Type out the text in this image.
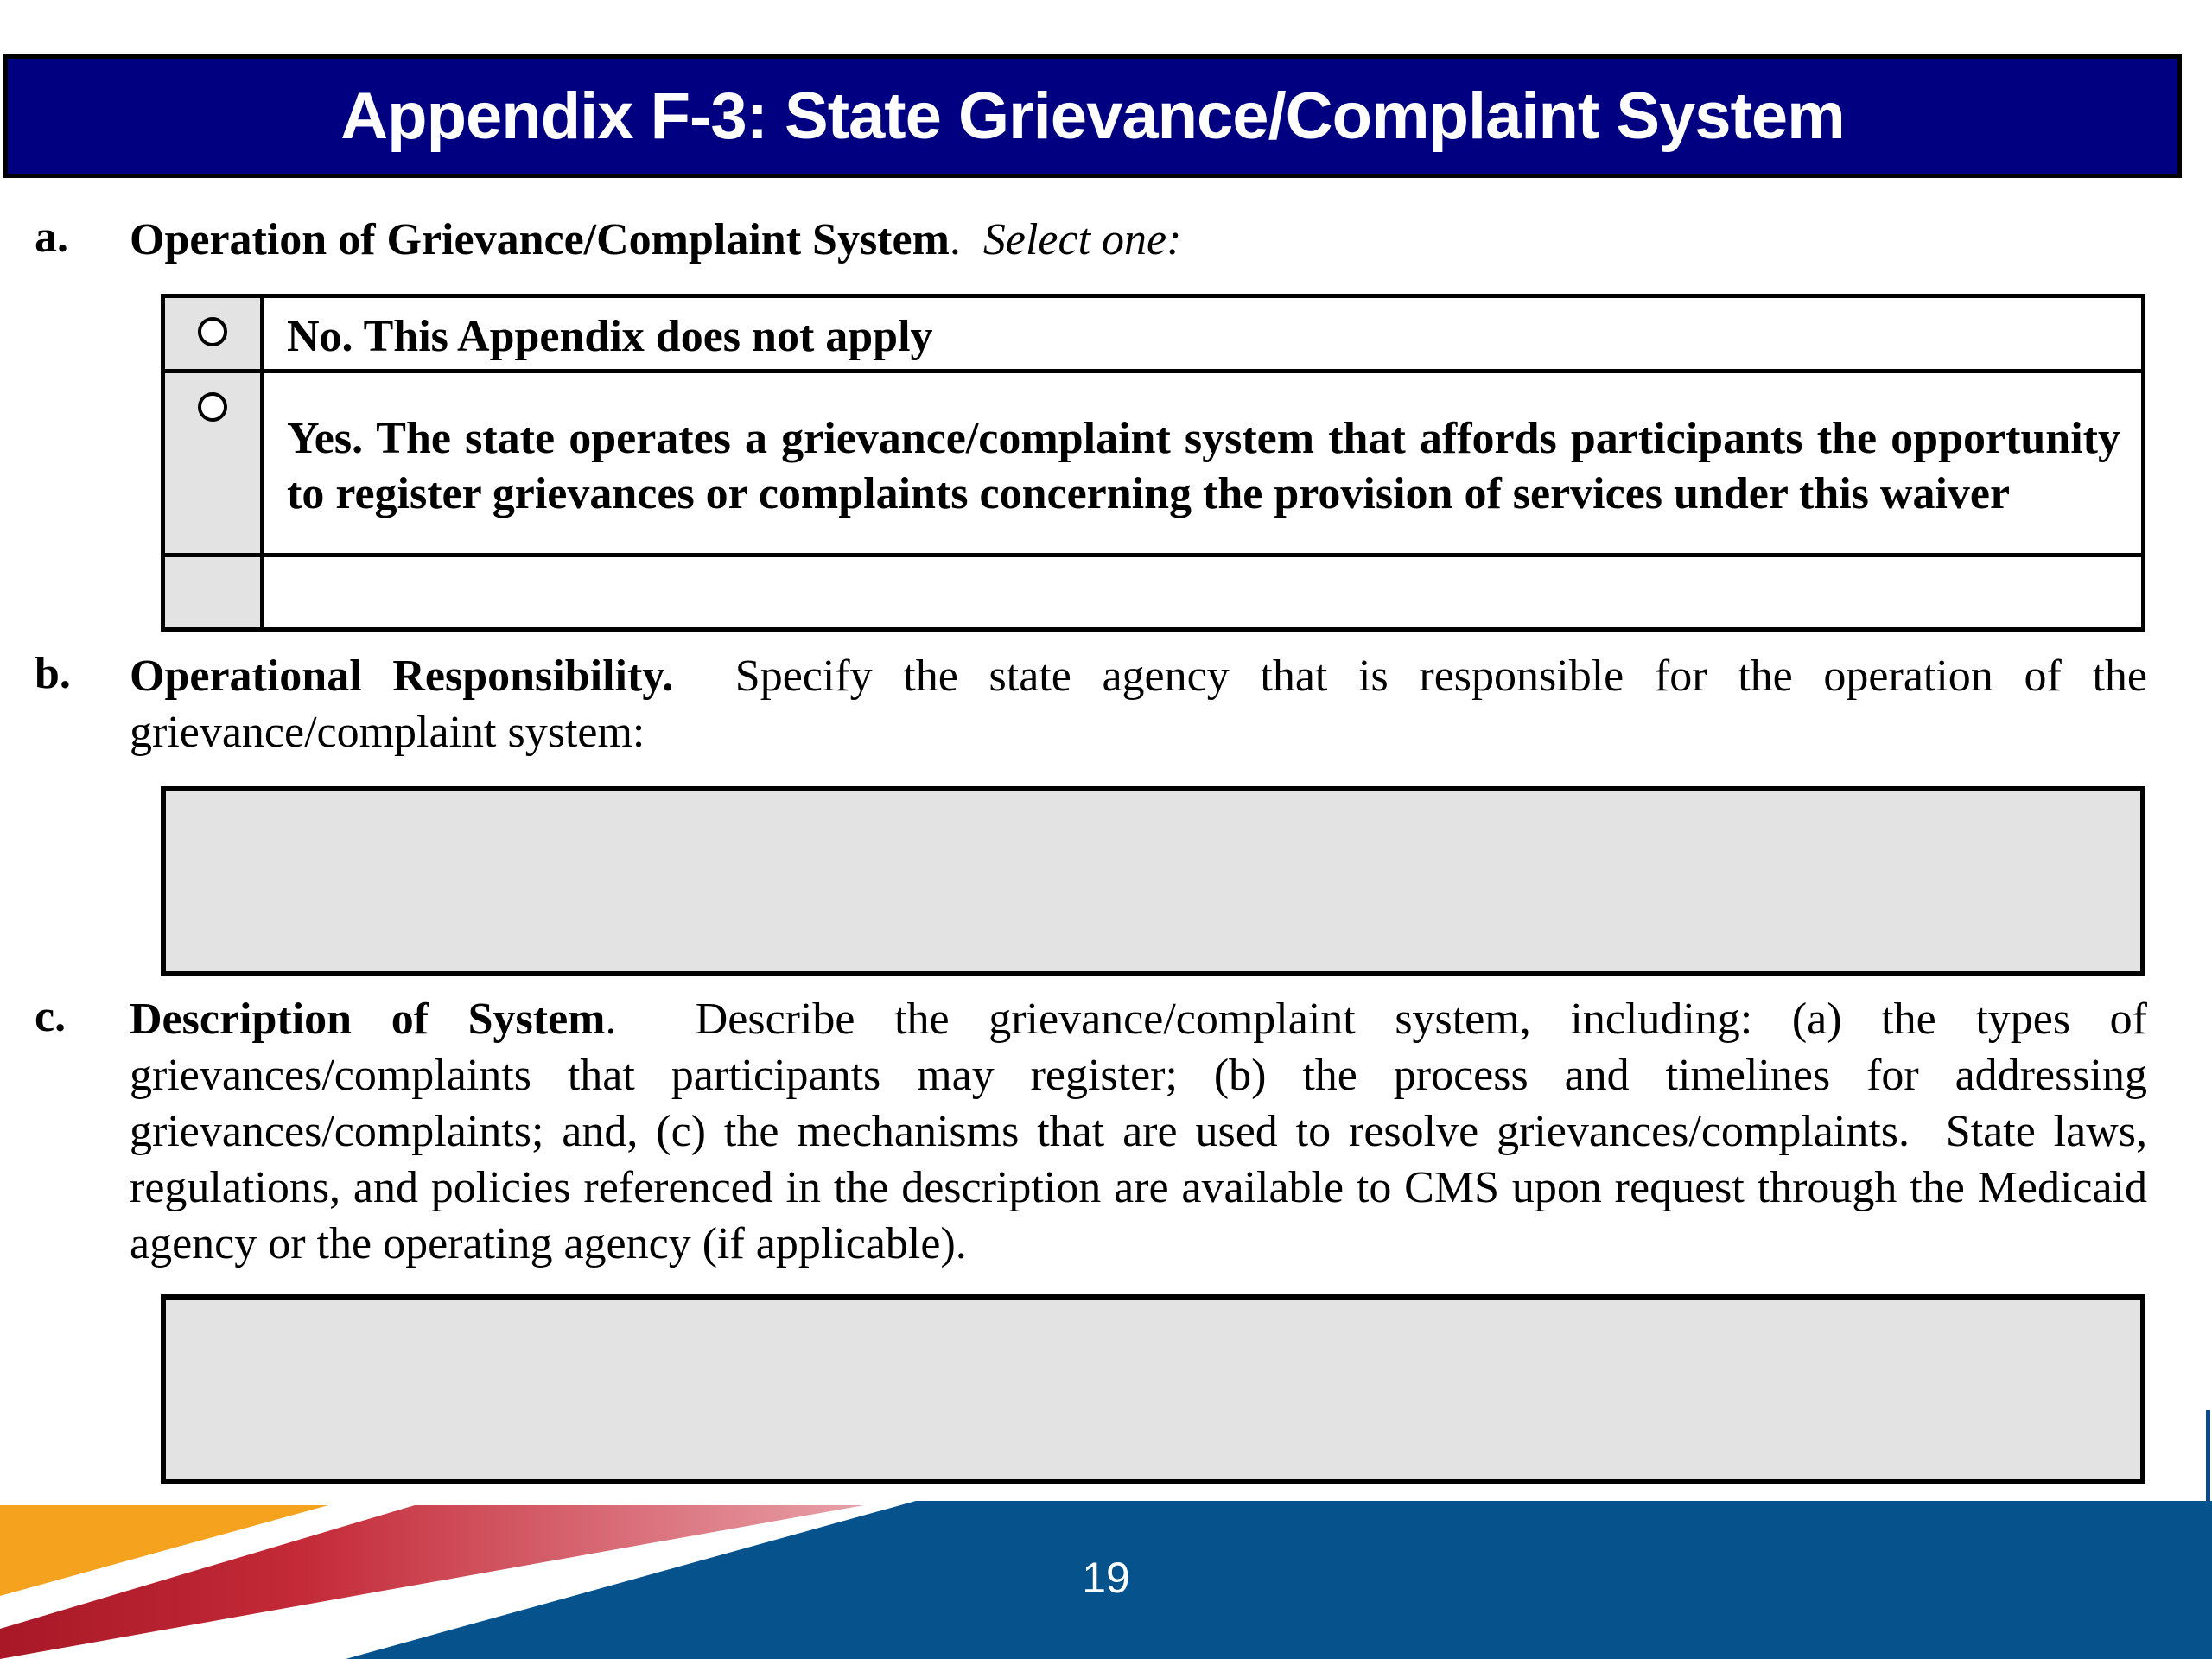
Appendix F-3: State Grievance/Complaint System
a. Operation of Grievance/Complaint System.  Select one:
	No. This Appendix does not apply

	Yes. The state operates a grievance/complaint system that affords participants the opportunity to register grievances or complaints concerning the provision of services under this waiver

b. Operational Responsibility.  Specify the state agency that is responsible for the operation of the grievance/complaint system:
c. Description of System.  Describe the grievance/complaint system, including: (a) the types of grievances/complaints that participants may register; (b) the process and timelines for addressing grievances/complaints; and, (c) the mechanisms that are used to resolve grievances/complaints.  State laws, regulations, and policies referenced in the description are available to CMS upon request through the Medicaid agency or the operating agency (if applicable).
19
